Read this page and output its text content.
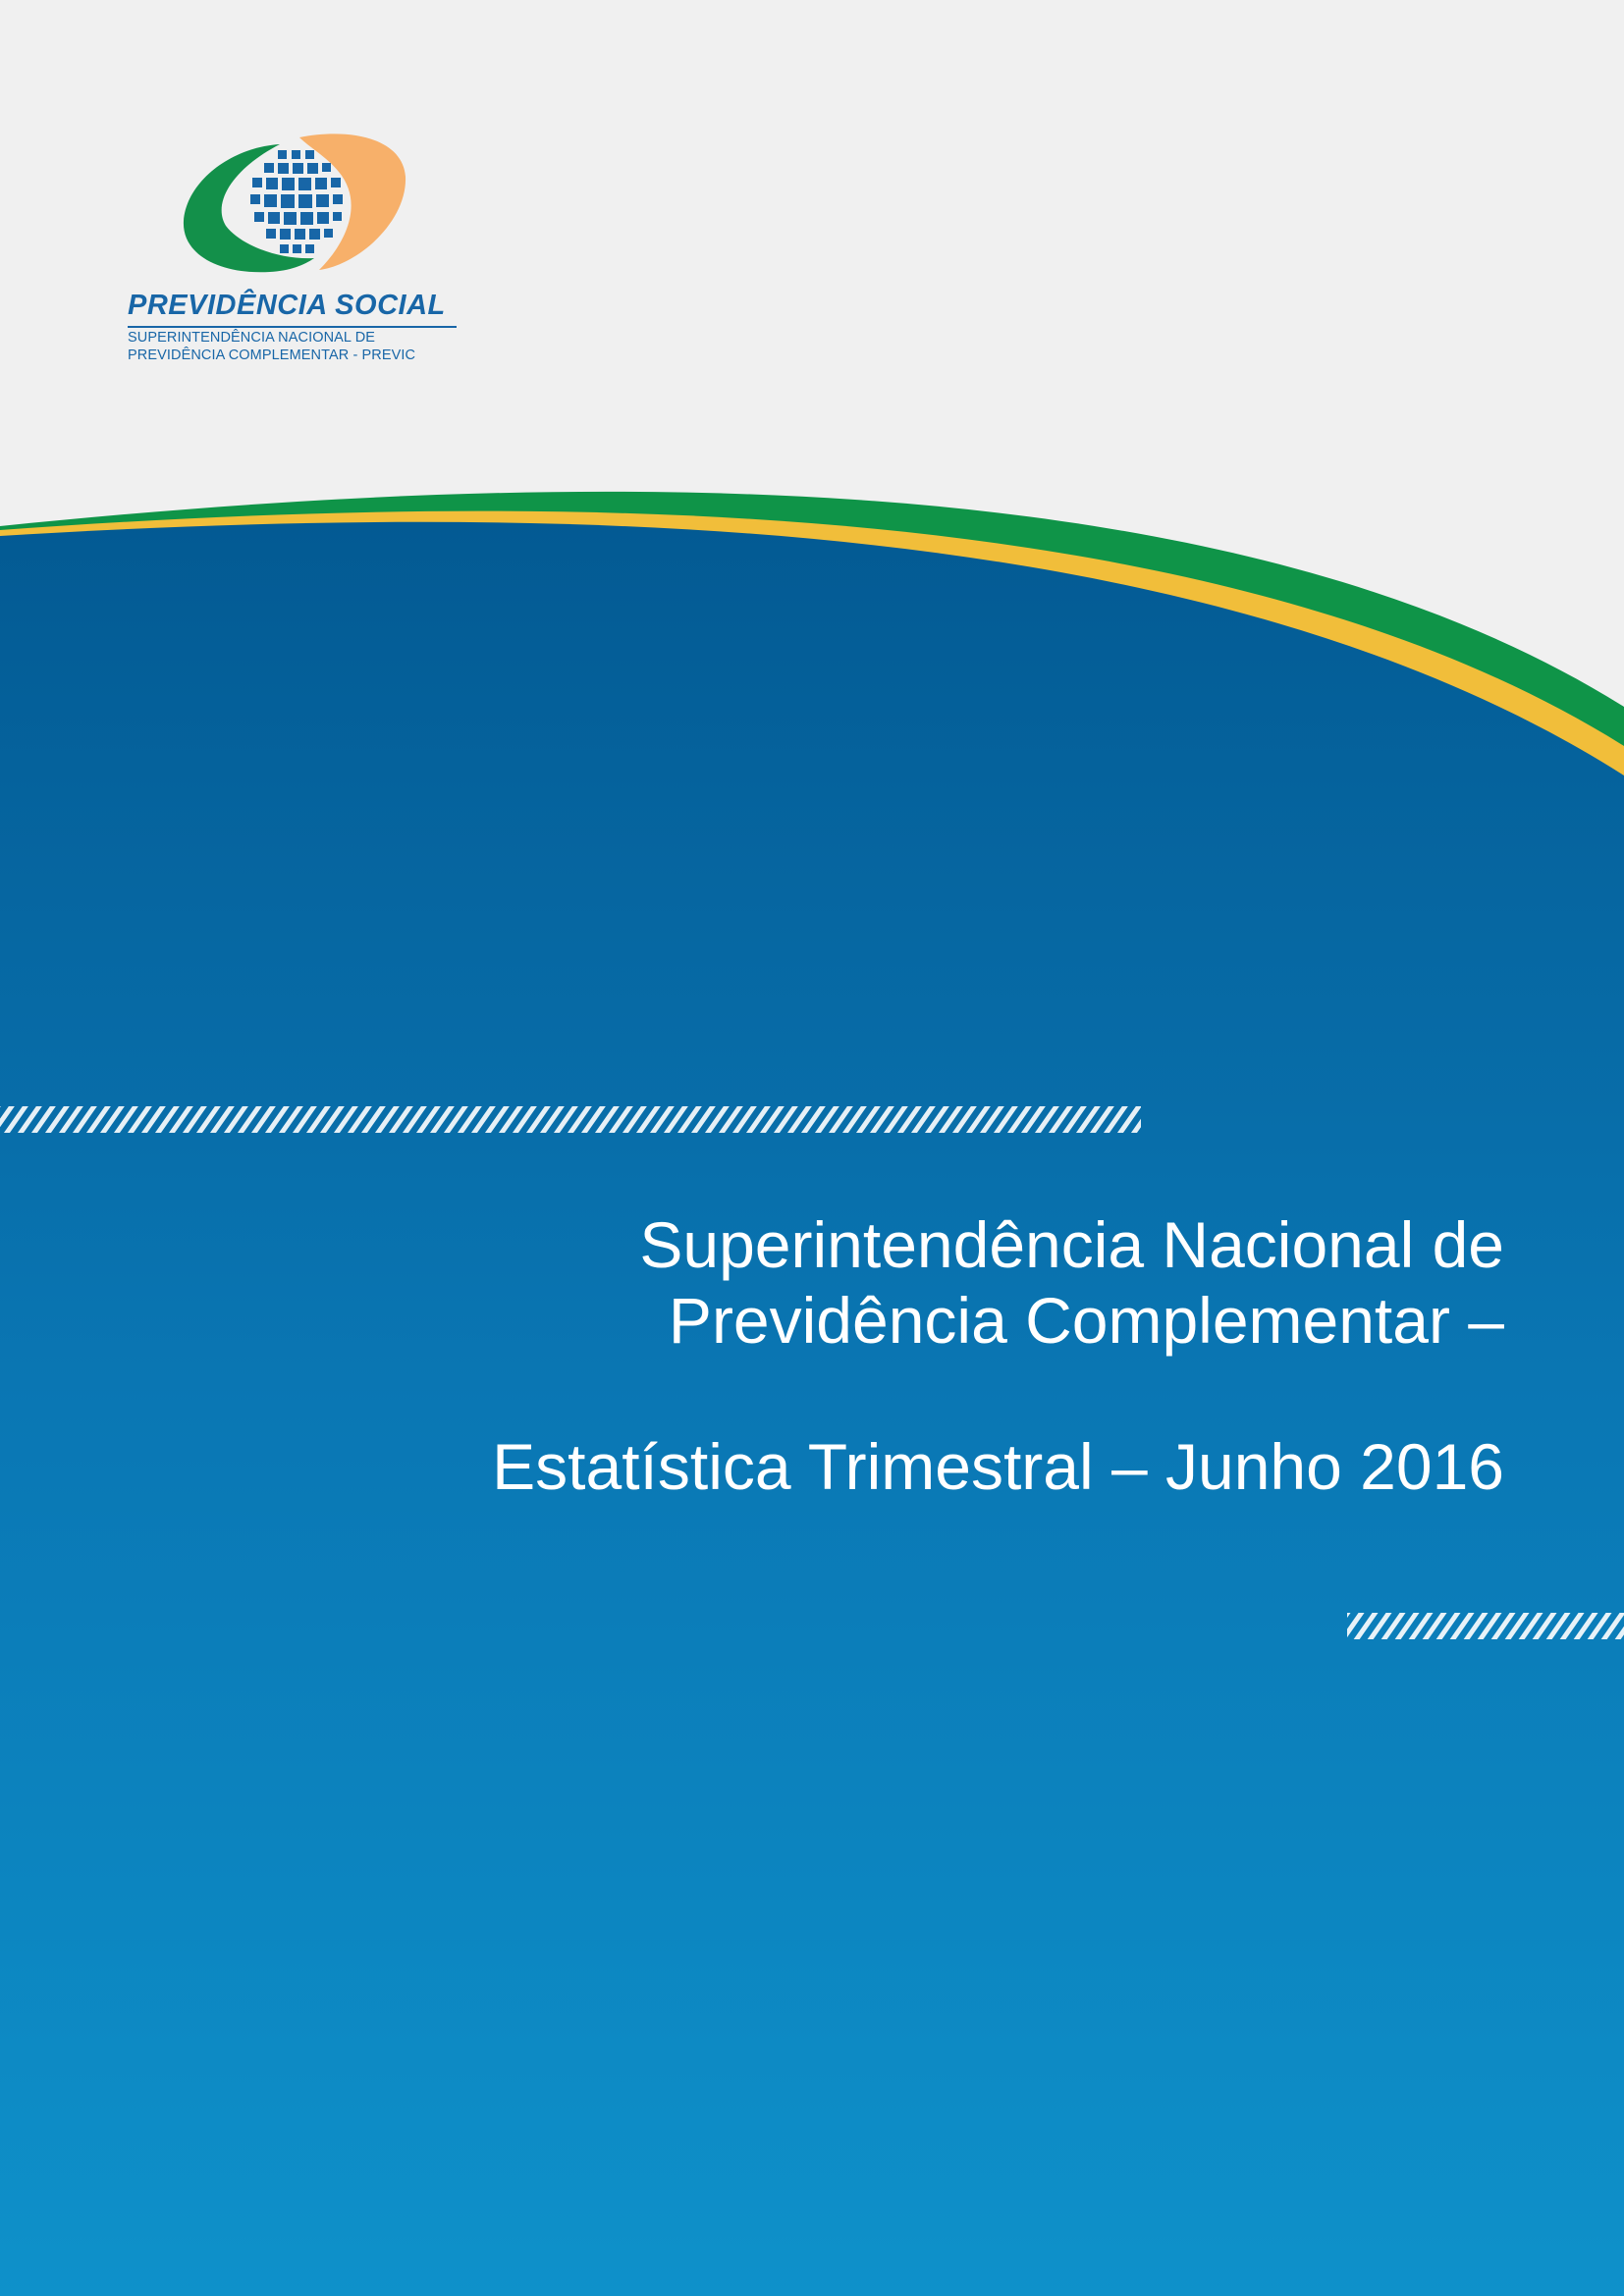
PREVIDÊNCIA SOCIAL
SUPERINTENDÊNCIA NACIONAL DE
PREVIDÊNCIA COMPLEMENTAR - PREVIC
Superintendência Nacional de
Previdência Complementar –
Estatística Trimestral – Junho 2016
